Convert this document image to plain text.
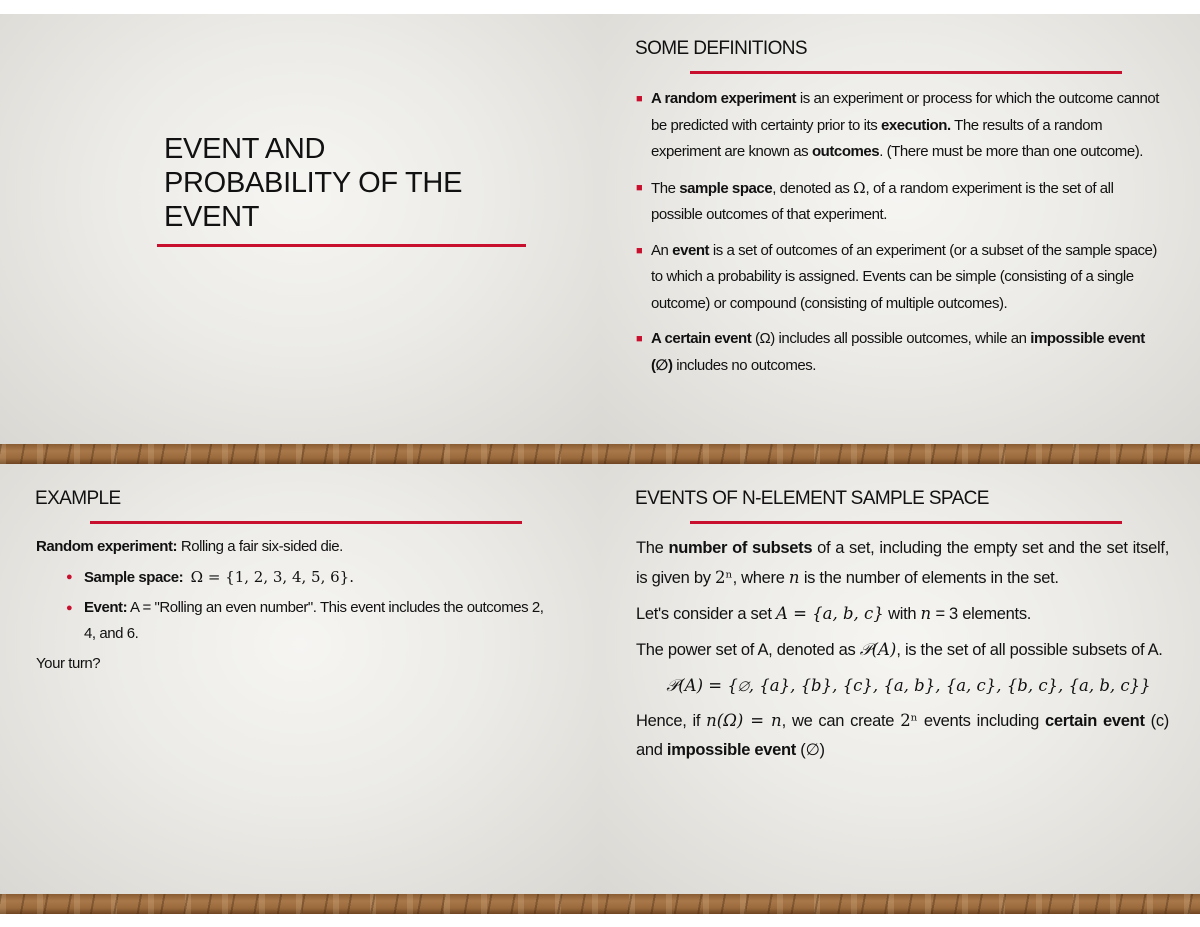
EVENT AND
PROBABILITY OF THE
EVENT
SOME DEFINITIONS
■ A random experiment is an experiment or process for which the outcome cannot be predicted with certainty prior to its execution. The results of a random experiment are known as outcomes. (There must be more than one outcome).
■ The sample space, denoted as Ω, of a random experiment is the set of all possible outcomes of that experiment.
■ An event is a set of outcomes of an experiment (or a subset of the sample space) to which a probability is assigned. Events can be simple (consisting of a single outcome) or compound (consisting of multiple outcomes).
■ A certain event (Ω) includes all possible outcomes, while an impossible event (∅) includes no outcomes.
EXAMPLE
Random experiment: Rolling a fair six-sided die.
● Sample space: Ω = {1, 2, 3, 4, 5, 6}.
● Event: A = "Rolling an even number". This event includes the outcomes 2, 4, and 6.
Your turn?
EVENTS OF N-ELEMENT SAMPLE SPACE
The number of subsets of a set, including the empty set and the set itself, is given by 2ⁿ, where n is the number of elements in the set.
Let's consider a set A = {a, b, c} with n = 3 elements.
The power set of A, denoted as 𝒫(A), is the set of all possible subsets of A.
𝒫(A) = {∅, {a}, {b}, {c}, {a, b}, {a, c}, {b, c}, {a, b, c}}
Hence, if n(Ω) = n, we can create 2ⁿ events including certain event (c) and impossible event (∅)
